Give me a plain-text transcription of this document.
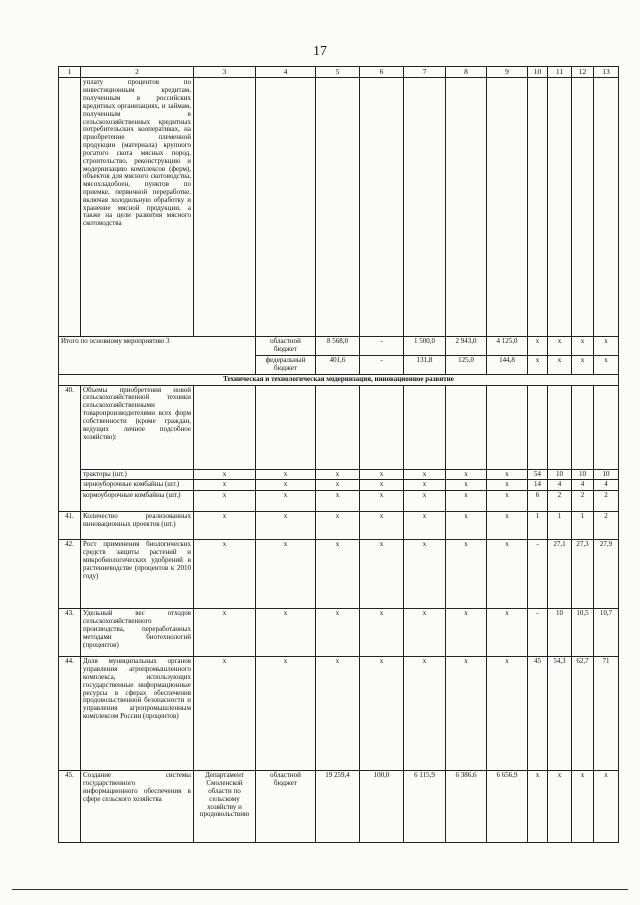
17
1	2	3	4	5	6	7	8	9	10	11	12	13
	уплату процентов по инвестиционным кредитам, полученным в российских кредитных организациях, и займам, полученным в сельскохозяйственных кредитных потребительских кооперативах, на приобретение племенной продукции (материала) крупного рогатого скота мясных пород, строительство, реконструкцию и модернизацию комплексов (ферм), объектов для мясного скотоводства, мясохладобоен, пунктов по приемке, первичной переработке, включая холодильную обработку и хранение мясной продукции, а также на цели развития мясного скотоводства											
Итого по основному мероприятию 3			областной бюджет	8 568,0	-	1 500,0	2 943,0	4 125,0	х	х	х	х
			федеральный бюджет	401,6	-	131,8	125,0	144,8	х	х	х	х
Техническая и технологическая модернизация, инновационное развитие												
40.	Объемы приобретения новой сельскохозяйственной техники сельскохозяйственными товаропроизводителями всех форм собственности (кроме граждан, ведущих личное подсобное хозяйство):											
	тракторы (шт.)	х	х	х	х	х	х	х	54	10	10	10
	зерноуборочные комбайны (шт.)	х	х	х	х	х	х	х	14	4	4	4
	кормоуборочные комбайны (шт.)	х	х	х	х	х	х	х	6	2	2	2
41.	Количество реализованных инновационных проектов (шт.)	х	х	х	х	х	х	х	1	1	1	2
42.	Рост применения биологических средств защиты растений и микробиологических удобрений в растениеводстве (процентов к 2010 году)	х	х	х	х	х	х	х	-	27,1	27,3	27,9
43.	Удельный вес отходов сельскохозяйственного производства, переработанных методами биотехнологий (процентов)	х	х	х	х	х	х	х	-	10	10,5	10,7
44.	Доля муниципальных органов управления агропромышленного комплекса, использующих государственные информационные ресурсы в сферах обеспечения продовольственной безопасности и управления агропромышленным комплексом России (процентов)	х	х	х	х	х	х	х	45	54,3	62,7	71
45.	Создание системы государственного информационного обеспечения в сфере сельского хозяйства	Департамент Смоленской области по сельскому хозяйству и продовольствию	областной бюджет	19 259,4	100,0	6 115,9	6 386,6	6 656,9	х	х	х	х
